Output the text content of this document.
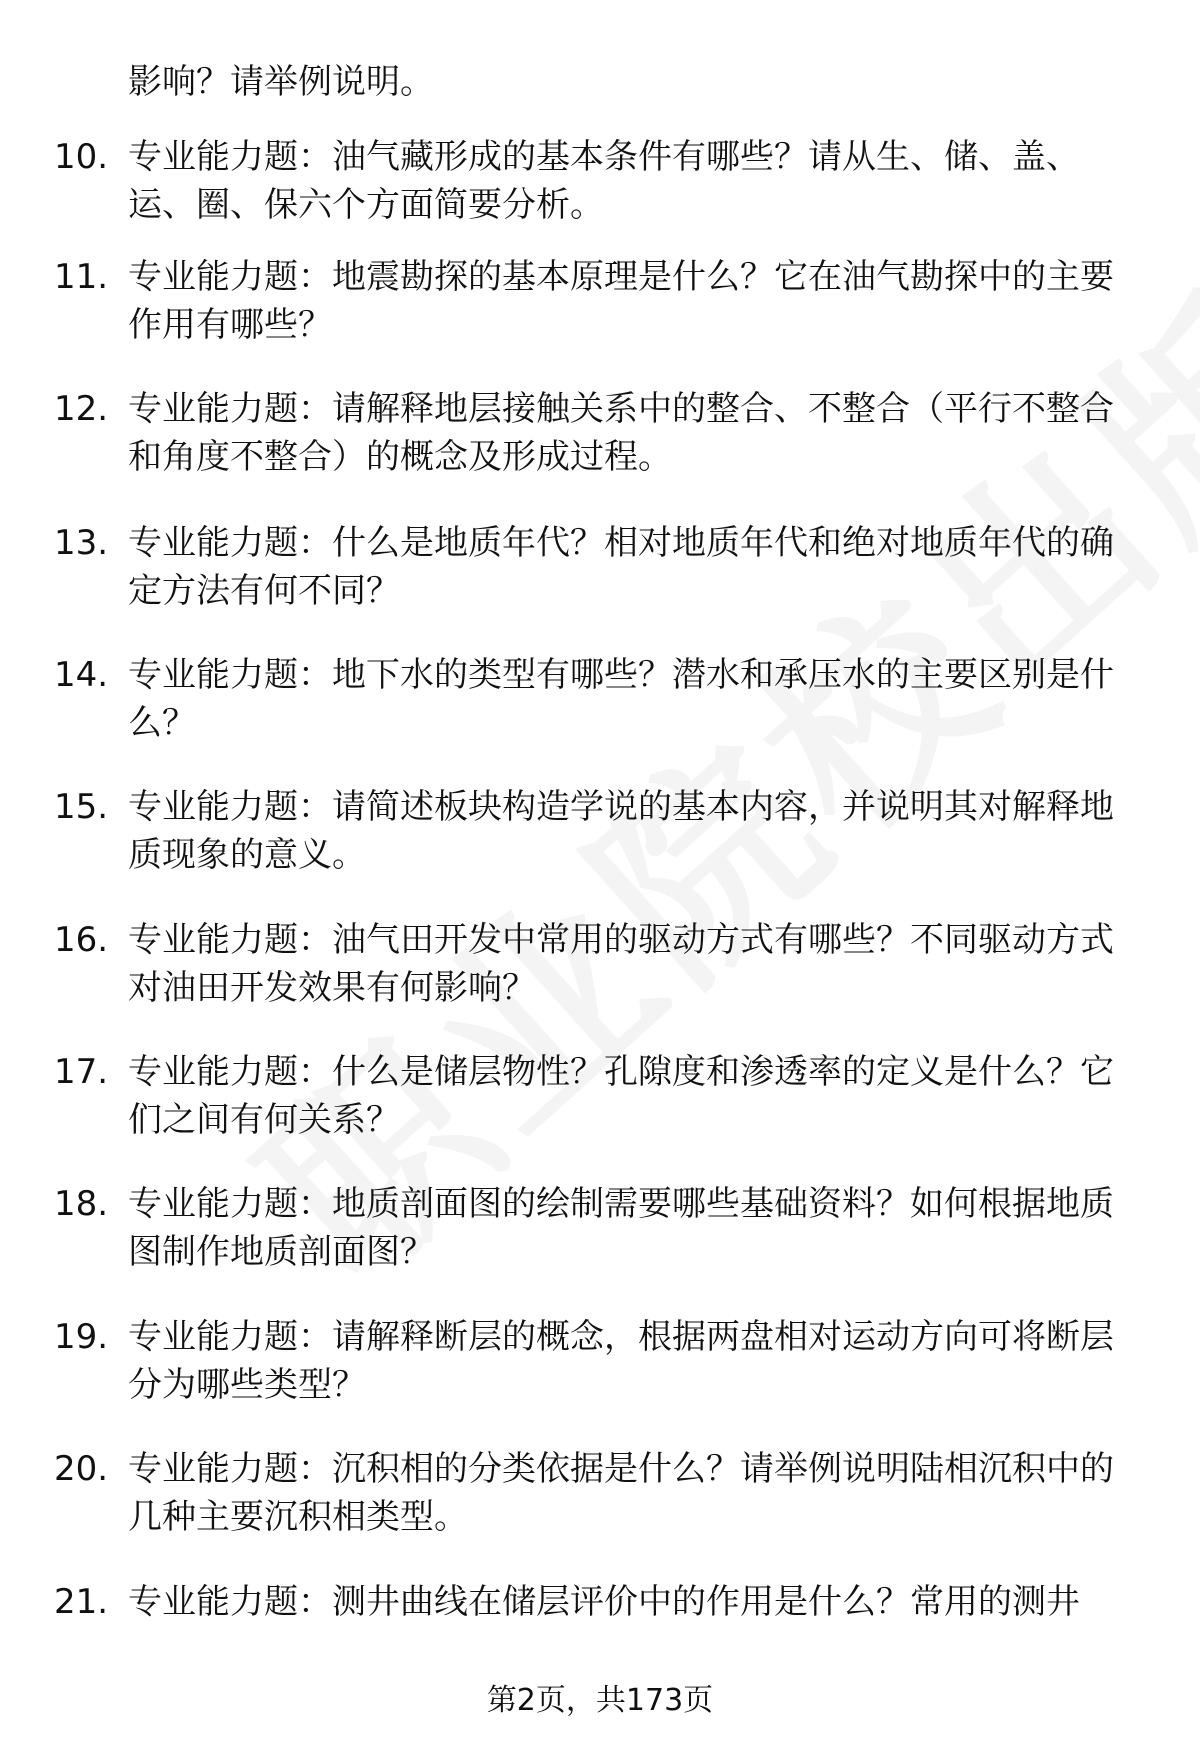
影响？请举例说明。
10. 专业能力题：油气藏形成的基本条件有哪些？请从生、储、盖、运、圈、保六个方面简要分析。
11. 专业能力题：地震勘探的基本原理是什么？它在油气勘探中的主要作用有哪些？
12. 专业能力题：请解释地层接触关系中的整合、不整合（平行不整合和角度不整合）的概念及形成过程。
13. 专业能力题：什么是地质年代？相对地质年代和绝对地质年代的确定方法有何不同？
14. 专业能力题：地下水的类型有哪些？潜水和承压水的主要区别是什么？
15. 专业能力题：请简述板块构造学说的基本内容，并说明其对解释地质现象的意义。
16. 专业能力题：油气田开发中常用的驱动方式有哪些？不同驱动方式对油田开发效果有何影响？
17. 专业能力题：什么是储层物性？孔隙度和渗透率的定义是什么？它们之间有何关系？
18. 专业能力题：地质剖面图的绘制需要哪些基础资料？如何根据地质图制作地质剖面图？
19. 专业能力题：请解释断层的概念，根据两盘相对运动方向可将断层分为哪些类型？
20. 专业能力题：沉积相的分类依据是什么？请举例说明陆相沉积中的几种主要沉积相类型。
21. 专业能力题：测井曲线在储层评价中的作用是什么？常用的测井
第2页，共173页
